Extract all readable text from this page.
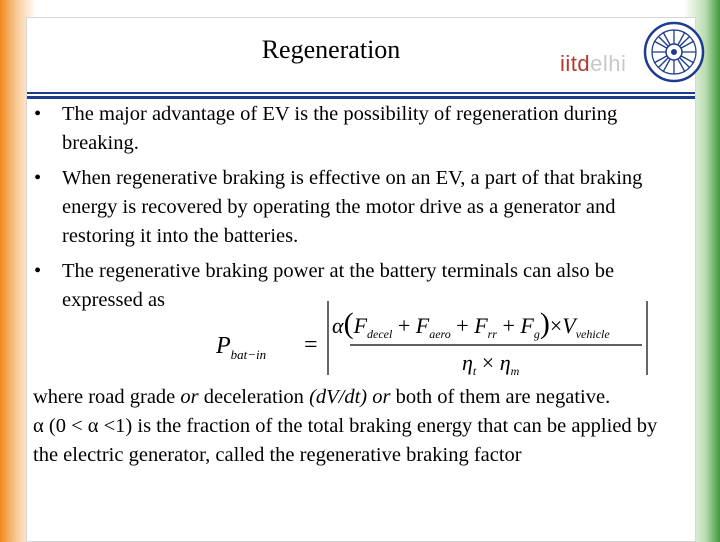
Regeneration	iitdelhi
• The major advantage of EV is the possibility of regeneration during breaking.
• When regenerative braking is effective on an EV, a part of that braking energy is recovered by operating the motor drive as a generator and restoring it into the batteries.
• The regenerative braking power at the battery terminals can also be expressed as
$P_{bat-in}$ =
$\alpha(F_{decel} + F_{aero} + F_{rr} + F_g)\times V_{vehicle}$
$\eta_t \times \eta_m$

where road grade or deceleration (dV/dt) or both of them are negative.

α (0 < α <1) is the fraction of the total braking energy that can be applied by the electric generator, called the regenerative braking factor
